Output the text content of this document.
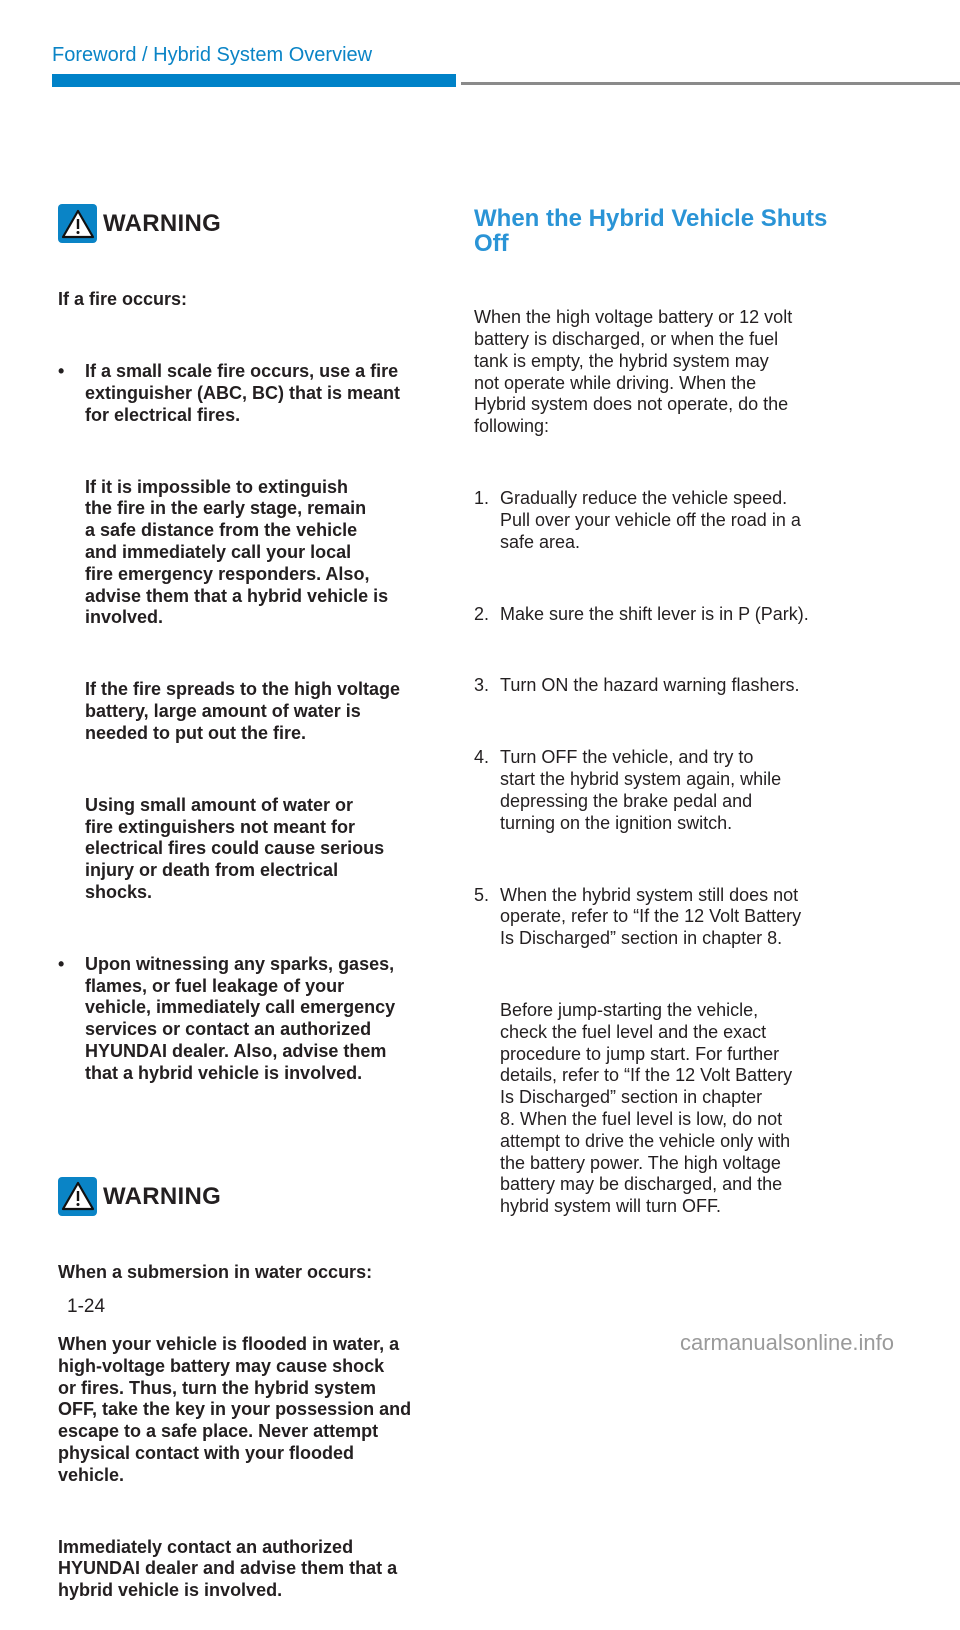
Foreword / Hybrid System Overview

WARNING

If a fire occurs:

•	If a small scale fire occurs, use a fire
extinguisher (ABC, BC) that is meant
for electrical fires.

If it is impossible to extinguish
the fire in the early stage, remain
a safe distance from the vehicle
and immediately call your local
fire emergency responders. Also,
advise them that a hybrid vehicle is
involved.

If the fire spreads to the high voltage
battery, large amount of water is
needed to put out the fire.

Using small amount of water or
fire extinguishers not meant for
electrical fires could cause serious
injury or death from electrical
shocks.

•	Upon witnessing any sparks, gases,
flames, or fuel leakage of your
vehicle, immediately call emergency
services or contact an authorized
HYUNDAI dealer. Also, advise them
that a hybrid vehicle is involved.

WARNING

When a submersion in water occurs:

When your vehicle is flooded in water, a
high-voltage battery may cause shock
or fires. Thus, turn the hybrid system
OFF, take the key in your possession and
escape to a safe place. Never attempt
physical contact with your flooded
vehicle.

Immediately contact an authorized
HYUNDAI dealer and advise them that a
hybrid vehicle is involved.

When the Hybrid Vehicle Shuts
Off

When the high voltage battery or 12 volt
battery is discharged, or when the fuel
tank is empty, the hybrid system may
not operate while driving. When the
Hybrid system does not operate, do the
following:

1. Gradually reduce the vehicle speed.
Pull over your vehicle off the road in a
safe area.

2. Make sure the shift lever is in P (Park).

3. Turn ON the hazard warning flashers.

4. Turn OFF the vehicle, and try to
start the hybrid system again, while
depressing the brake pedal and
turning on the ignition switch.

5. When the hybrid system still does not
operate, refer to “If the 12 Volt Battery
Is Discharged” section in chapter 8.

Before jump-starting the vehicle,
check the fuel level and the exact
procedure to jump start. For further
details, refer to “If the 12 Volt Battery
Is Discharged” section in chapter
8. When the fuel level is low, do not
attempt to drive the vehicle only with
the battery power. The high voltage
battery may be discharged, and the
hybrid system will turn OFF.

1-24
carmanualsonline.info
